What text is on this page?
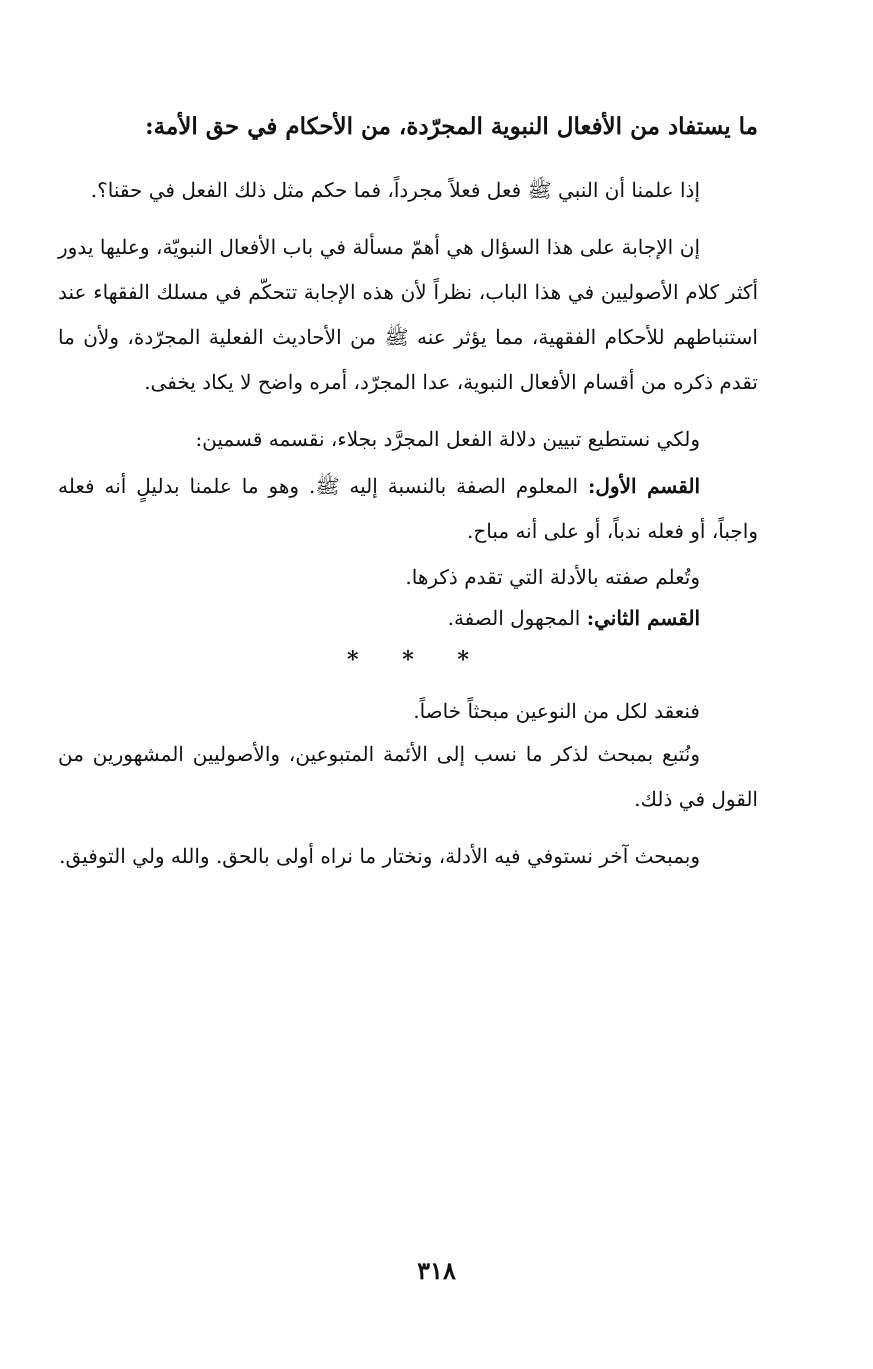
ما يستفاد من الأفعال النبوية المجرّدة، من الأحكام في حق الأمة:

إذا علمنا أن النبي ﷺ فعل فعلاً مجرداً، فما حكم مثل ذلك الفعل في حقنا؟.

إن الإجابة على هذا السؤال هي أهمّ مسألة في باب الأفعال النبويّة، وعليها يدور أكثر كلام الأصوليين في هذا الباب، نظراً لأن هذه الإجابة تتحكّم في مسلك الفقهاء عند استنباطهم للأحكام الفقهية، مما يؤثر عنه ﷺ من الأحاديث الفعلية المجرّدة، ولأن ما تقدم ذكره من أقسام الأفعال النبوية، عدا المجرّد، أمره واضح لا يكاد يخفى.

ولكي نستطيع تبيين دلالة الفعل المجرَّد بجلاء، نقسمه قسمين:

القسم الأول: المعلوم الصفة بالنسبة إليه ﷺ. وهو ما علمنا بدليلٍ أنه فعله واجباً، أو فعله ندباً، أو على أنه مباح.

وتُعلم صفته بالأدلة التي تقدم ذكرها.

القسم الثاني: المجهول الصفة.

* * *

فنعقد لكل من النوعين مبحثاً خاصاً.

ونُتبع بمبحث لذكر ما نسب إلى الأئمة المتبوعين، والأصوليين المشهورين من القول في ذلك.

وبمبحث آخر نستوفي فيه الأدلة، ونختار ما نراه أولى بالحق. والله ولي التوفيق.

٣١٨
